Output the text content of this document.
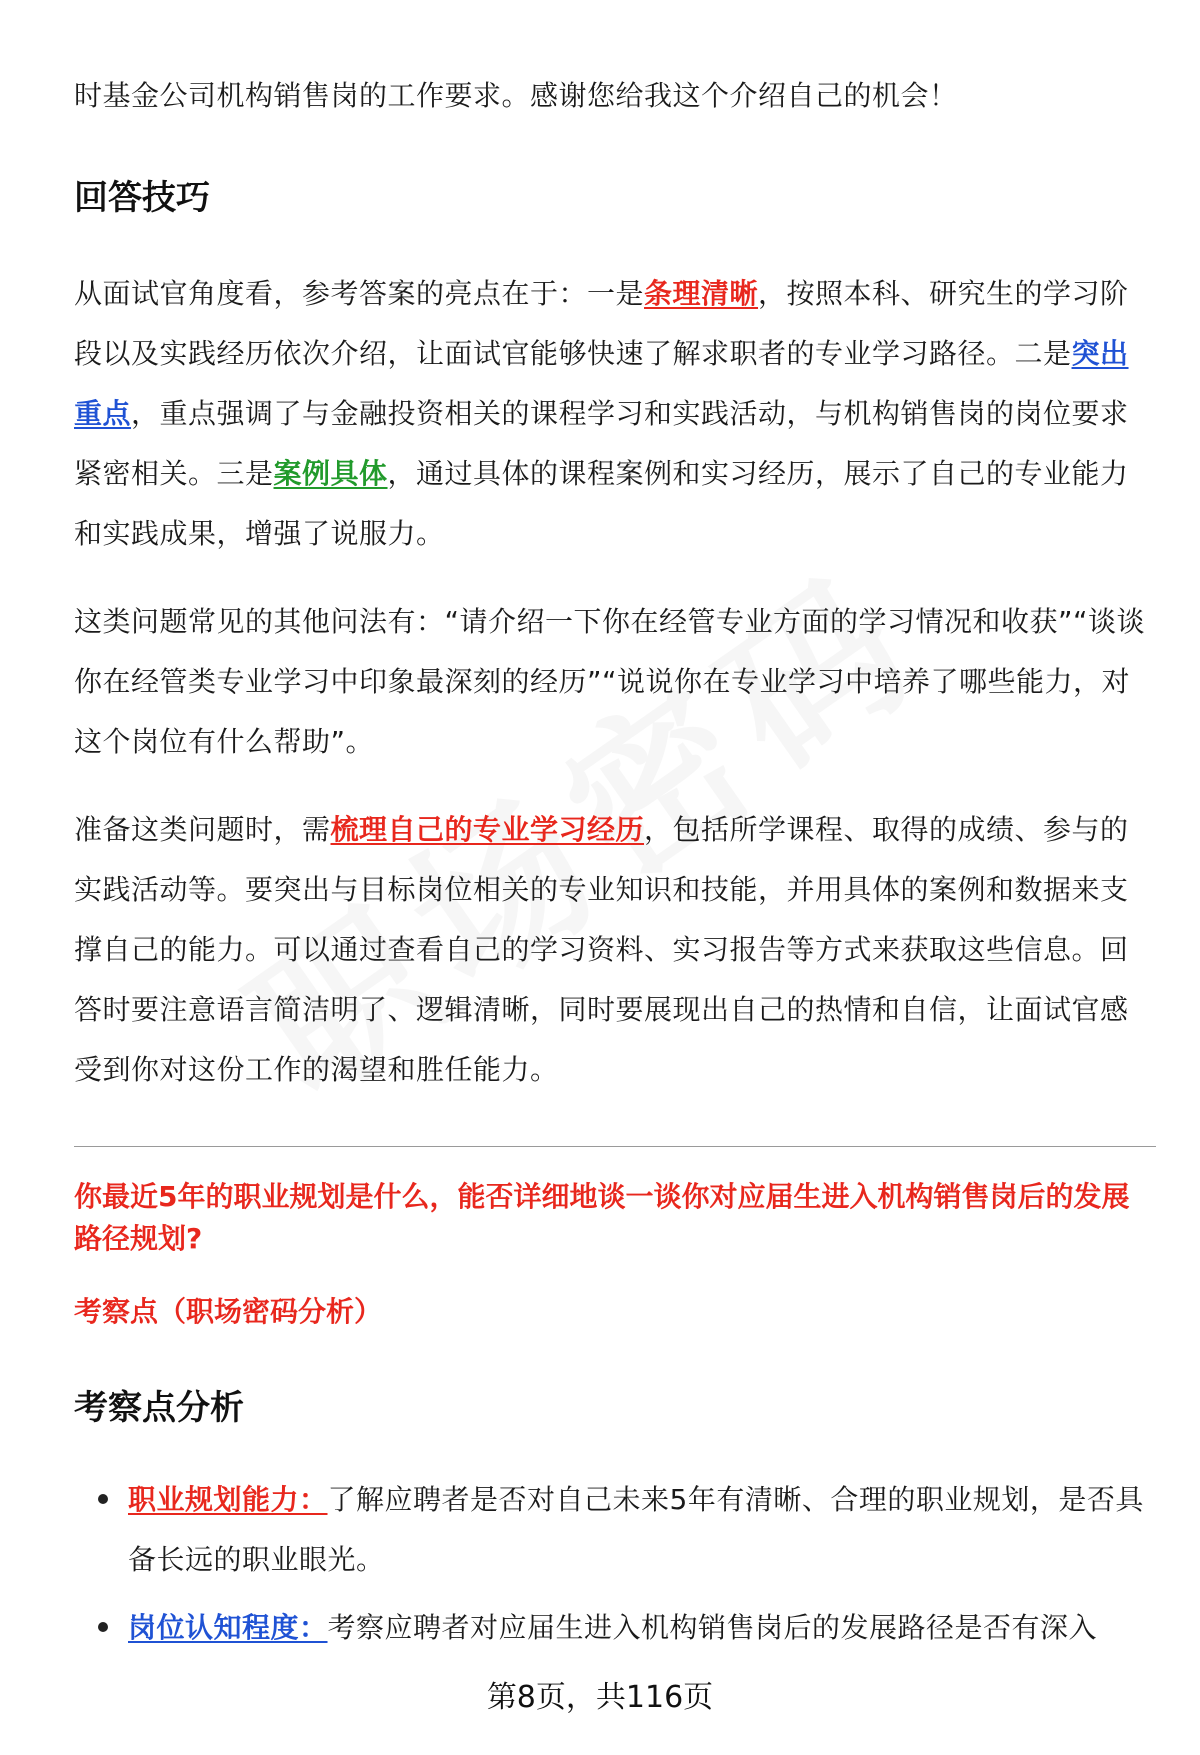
时基金公司机构销售岗的工作要求。感谢您给我这个介绍自己的机会！

回答技巧

从面试官角度看，参考答案的亮点在于：一是条理清晰，按照本科、研究生的学习阶段以及实践经历依次介绍，让面试官能够快速了解求职者的专业学习路径。二是突出重点，重点强调了与金融投资相关的课程学习和实践活动，与机构销售岗的岗位要求紧密相关。三是案例具体，通过具体的课程案例和实习经历，展示了自己的专业能力和实践成果，增强了说服力。

这类问题常见的其他问法有：“请介绍一下你在经管专业方面的学习情况和收获”“谈谈你在经管类专业学习中印象最深刻的经历”“说说你在专业学习中培养了哪些能力，对这个岗位有什么帮助”。

准备这类问题时，需梳理自己的专业学习经历，包括所学课程、取得的成绩、参与的实践活动等。要突出与目标岗位相关的专业知识和技能，并用具体的案例和数据来支撑自己的能力。可以通过查看自己的学习资料、实习报告等方式来获取这些信息。回答时要注意语言简洁明了、逻辑清晰，同时要展现出自己的热情和自信，让面试官感受到你对这份工作的渴望和胜任能力。

你最近5年的职业规划是什么，能否详细地谈一谈你对应届生进入机构销售岗后的发展路径规划?

考察点（职场密码分析）

考察点分析
职业规划能力：了解应聘者是否对自己未来5年有清晰、合理的职业规划，是否具备长远的职业眼光。
岗位认知程度：考察应聘者对应届生进入机构销售岗后的发展路径是否有深入
第8页，共116页
